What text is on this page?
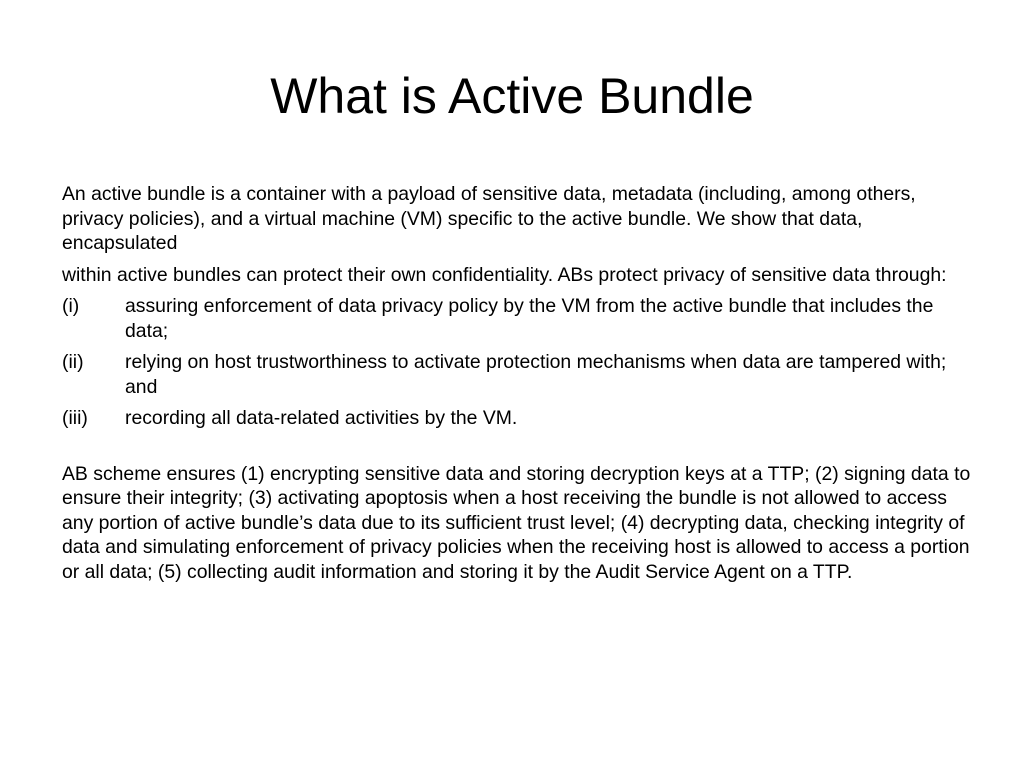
What is Active Bundle

An active bundle is a container with a payload of sensitive data, metadata (including, among others, privacy policies), and a virtual machine (VM) specific to the active bundle. We show that data, encapsulated

within active bundles can protect their own confidentiality. ABs protect privacy of sensitive data through:

(i)	assuring enforcement of data privacy policy by the VM from the active bundle that includes the data;
(ii)	relying on host trustworthiness to activate protection mechanisms when data are tampered with; and
(iii)	recording all data-related activities by the VM.

AB scheme ensures (1) encrypting sensitive data and storing decryption keys at a TTP; (2) signing data to ensure their integrity; (3) activating apoptosis when a host receiving the bundle is not allowed to access any portion of active bundle’s data due to its sufficient trust level; (4) decrypting data, checking integrity of data and simulating enforcement of privacy policies when the receiving host is allowed to access a portion or all data; (5) collecting audit information and storing it by the Audit Service Agent on a TTP.
